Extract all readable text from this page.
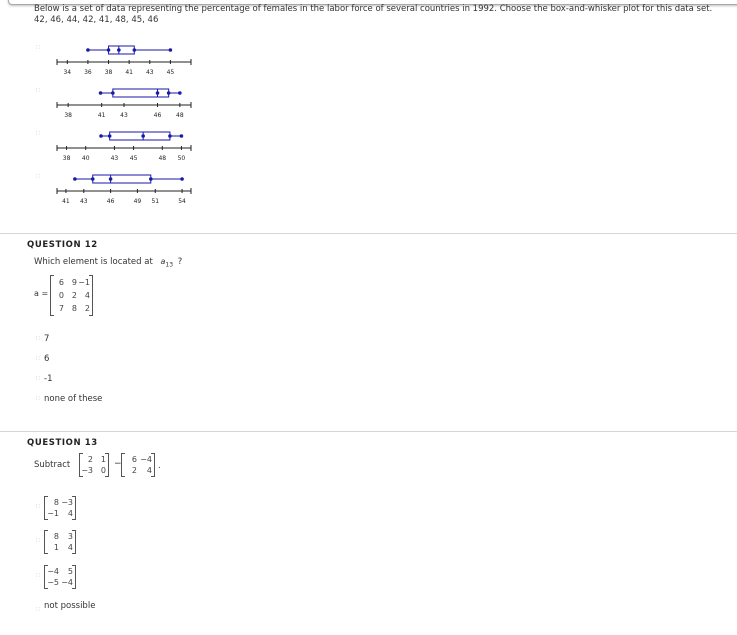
Below is a set of data representing the percentage of females in the labor force of several countries in 1992. Choose the box-and-whisker plot for this data set.
42, 46, 44, 42, 41, 48, 45, 46
∷
34 36 38 41 43 45
∷
38	41 43	46 48
∷
38 40	43 45	48 50
∷
41 43	46	49 51	54
QUESTION 12
Which element is located at $a_{13}$ ?
a =
6 9 −1
0 2 4
7 8 2
∷
7
∷
6
∷
-1
∷
none of these
QUESTION 13
Subtract
2 1
−3 0
−	6 −4
2	4 .
∷
8 −3
−1	4
∷
8	3
1	4
∷
−4	5
−5 −4
∷
not possible
